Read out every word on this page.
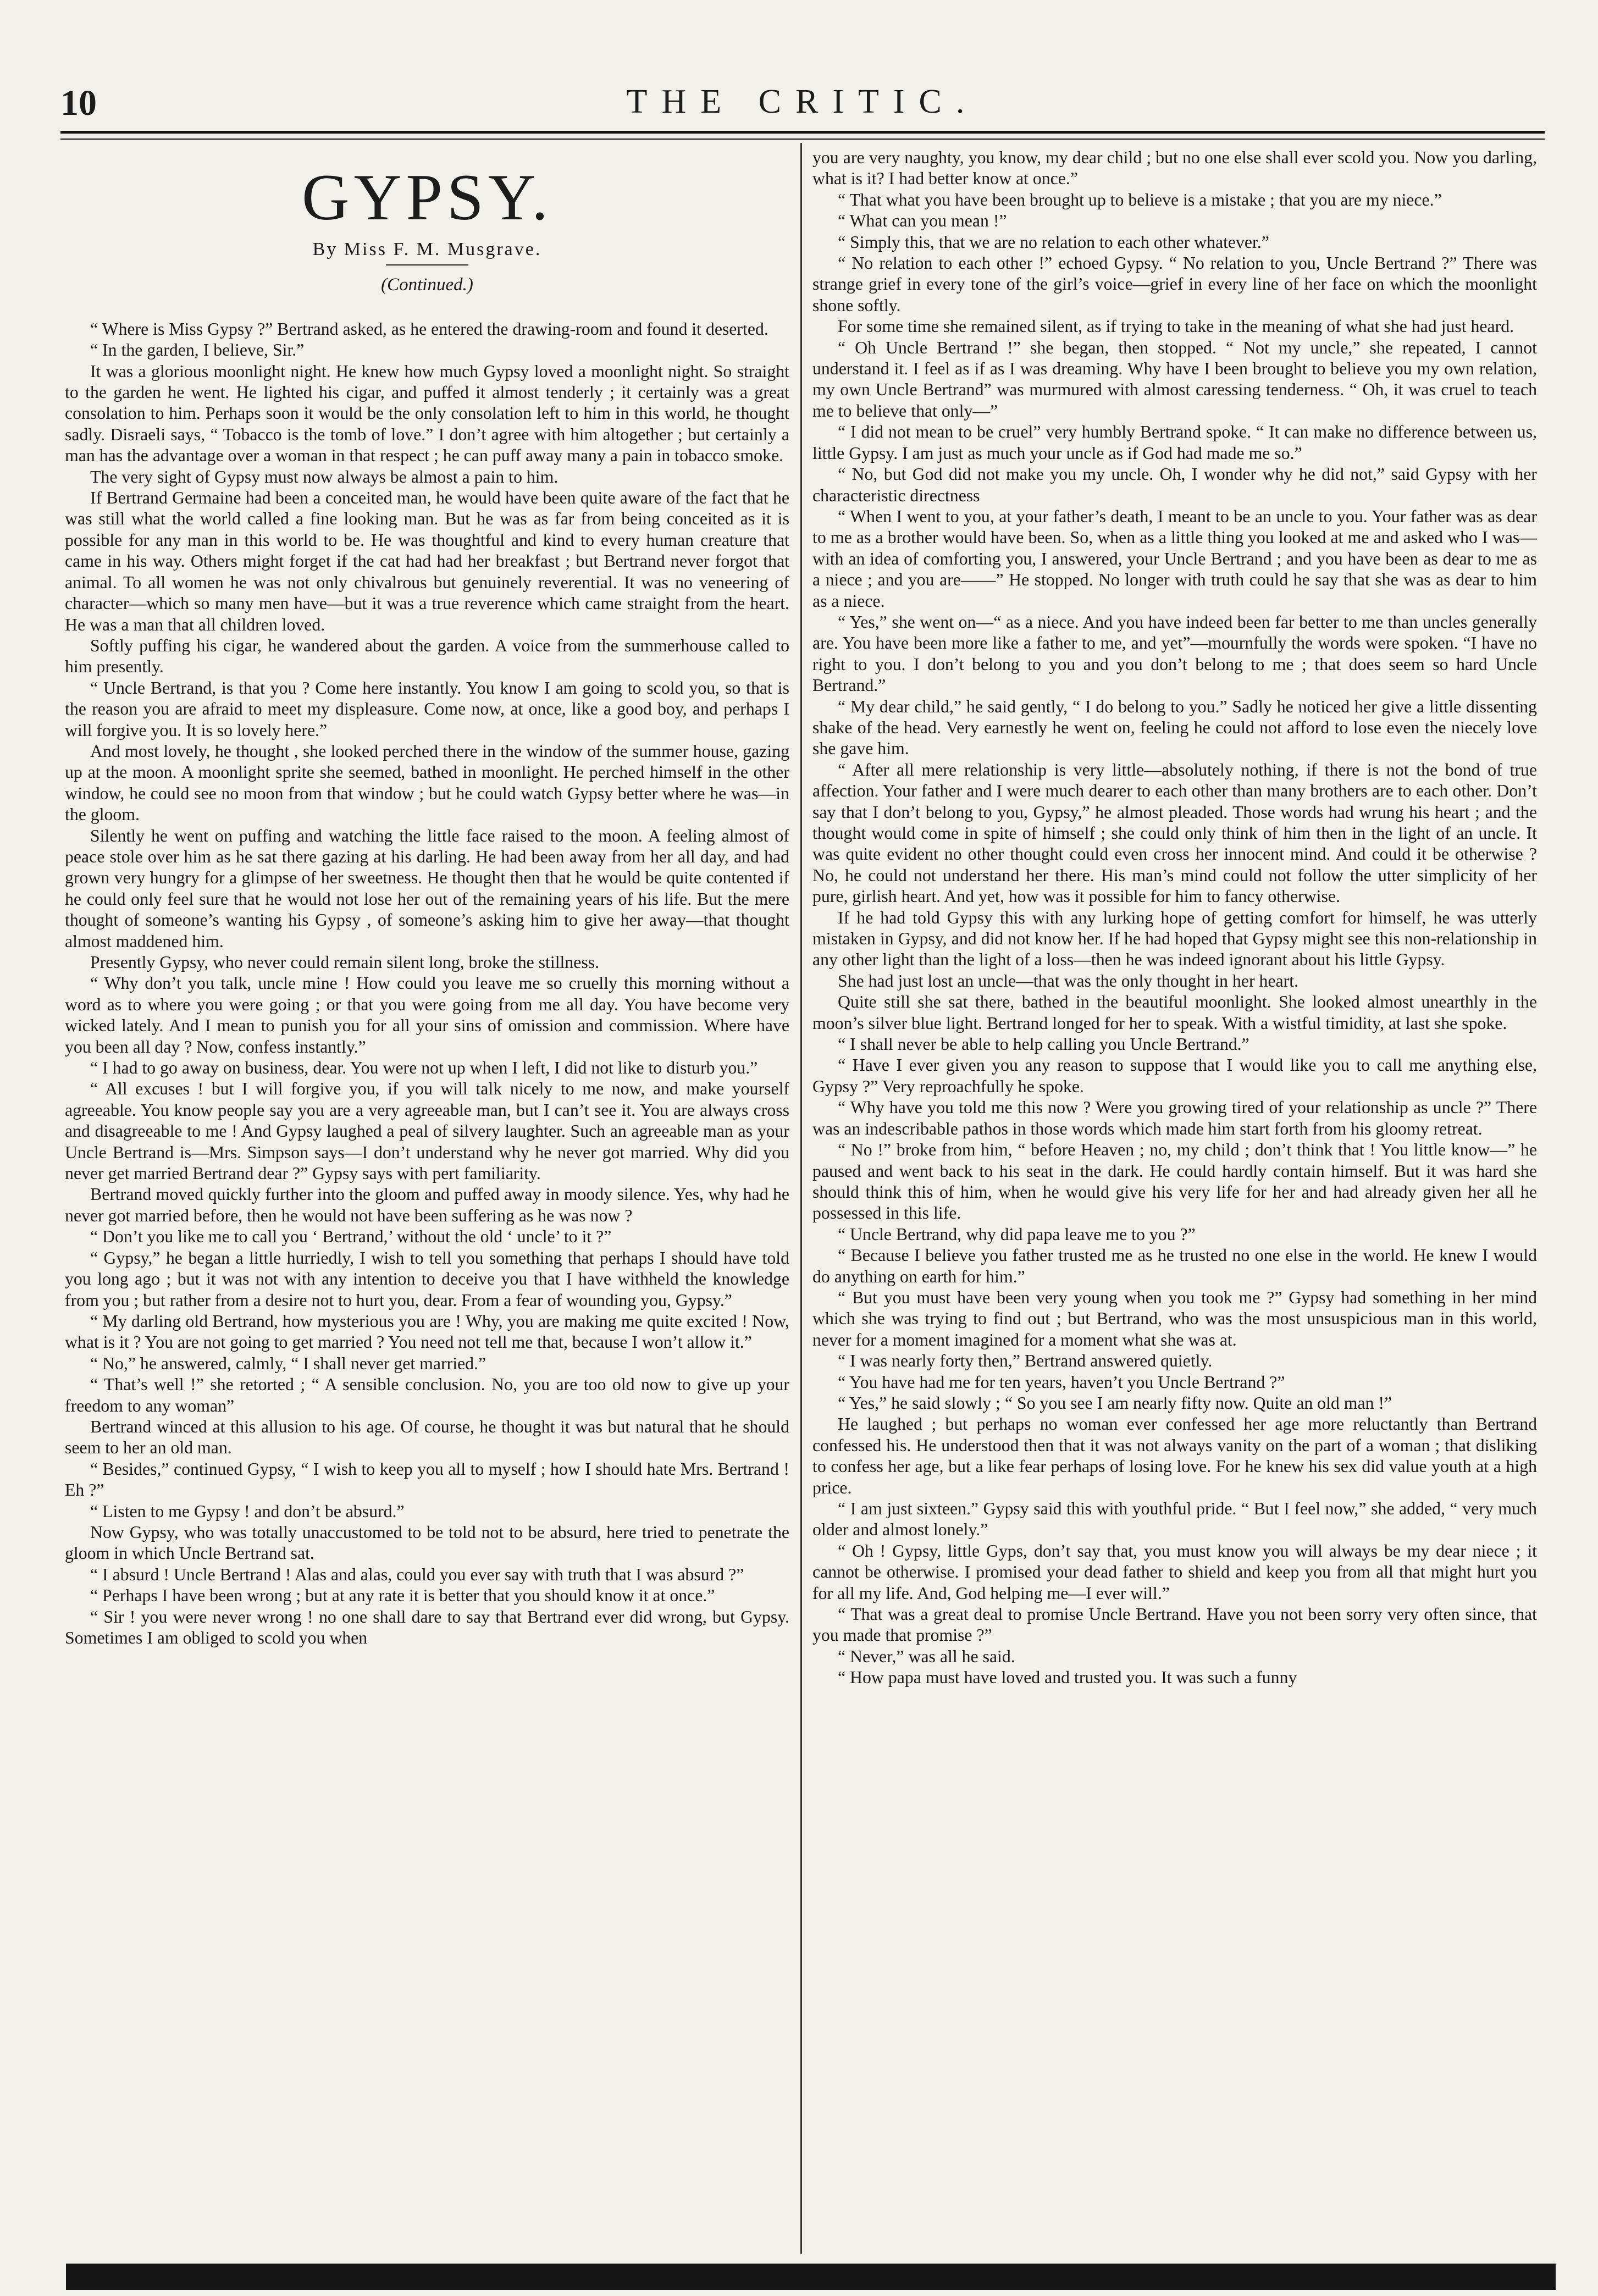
10	THE CRITIC.
GYPSY.
By Miss F. M. Musgrave.
(Continued.)

“ Where is Miss Gypsy ?” Bertrand asked, as he entered the drawing-room and found it deserted.

“ In the garden, I believe, Sir.”

It was a glorious moonlight night. He knew how much Gypsy loved a moonlight night. So straight to the garden he went. He lighted his cigar, and puffed it almost tenderly ; it certainly was a great consolation to him. Perhaps soon it would be the only consolation left to him in this world, he thought sadly. Disraeli says, “ Tobacco is the tomb of love.” I don’t agree with him altogether ; but certainly a man has the advantage over a woman in that respect ; he can puff away many a pain in tobacco smoke.

The very sight of Gypsy must now always be almost a pain to him.

If Bertrand Germaine had been a conceited man, he would have been quite aware of the fact that he was still what the world called a fine looking man. But he was as far from being conceited as it is possible for any man in this world to be. He was thoughtful and kind to every human creature that came in his way. Others might forget if the cat had had her breakfast ; but Bertrand never forgot that animal. To all women he was not only chivalrous but genuinely reverential. It was no veneering of character—which so many men have—but it was a true reverence which came straight from the heart. He was a man that all children loved.

Softly puffing his cigar, he wandered about the garden. A voice from the summerhouse called to him presently.

“ Uncle Bertrand, is that you ? Come here instantly. You know I am going to scold you, so that is the reason you are afraid to meet my displeasure. Come now, at once, like a good boy, and perhaps I will forgive you. It is so lovely here.”

And most lovely, he thought , she looked perched there in the window of the summer house, gazing up at the moon. A moonlight sprite she seemed, bathed in moonlight. He perched himself in the other window, he could see no moon from that window ; but he could watch Gypsy better where he was—in the gloom.

Silently he went on puffing and watching the little face raised to the moon. A feeling almost of peace stole over him as he sat there gazing at his darling. He had been away from her all day, and had grown very hungry for a glimpse of her sweetness. He thought then that he would be quite contented if he could only feel sure that he would not lose her out of the remaining years of his life. But the mere thought of someone’s wanting his Gypsy , of someone’s asking him to give her away—that thought almost maddened him.

Presently Gypsy, who never could remain silent long, broke the stillness.

“ Why don’t you talk, uncle mine ! How could you leave me so cruelly this morning without a word as to where you were going ; or that you were going from me all day. You have become very wicked lately. And I mean to punish you for all your sins of omission and commission. Where have you been all day ? Now, confess instantly.”

“ I had to go away on business, dear. You were not up when I left, I did not like to disturb you.”

“ All excuses ! but I will forgive you, if you will talk nicely to me now, and make yourself agreeable. You know people say you are a very agreeable man, but I can’t see it. You are always cross and disagreeable to me ! And Gypsy laughed a peal of silvery laughter. Such an agreeable man as your Uncle Bertrand is—Mrs. Simpson says—I don’t understand why he never got married. Why did you never get married Bertrand dear ?” Gypsy says with pert familiarity.

Bertrand moved quickly further into the gloom and puffed away in moody silence. Yes, why had he never got married before, then he would not have been suffering as he was now ?

“ Don’t you like me to call you ‘ Bertrand,’ without the old ‘ uncle’ to it ?”

“ Gypsy,” he began a little hurriedly, I wish to tell you something that perhaps I should have told you long ago ; but it was not with any intention to deceive you that I have withheld the knowledge from you ; but rather from a desire not to hurt you, dear. From a fear of wounding you, Gypsy.”

“ My darling old Bertrand, how mysterious you are ! Why, you are making me quite excited ! Now, what is it ? You are not going to get married ? You need not tell me that, because I won’t allow it.”

“ No,” he answered, calmly, “ I shall never get married.”

“ That’s well !” she retorted ; “ A sensible conclusion. No, you are too old now to give up your freedom to any woman”

Bertrand winced at this allusion to his age. Of course, he thought it was but natural that he should seem to her an old man.

“ Besides,” continued Gypsy, “ I wish to keep you all to myself ; how I should hate Mrs. Bertrand ! Eh ?”

“ Listen to me Gypsy ! and don’t be absurd.”

Now Gypsy, who was totally unaccustomed to be told not to be absurd, here tried to penetrate the gloom in which Uncle Bertrand sat.

“ I absurd ! Uncle Bertrand ! Alas and alas, could you ever say with truth that I was absurd ?”

“ Perhaps I have been wrong ; but at any rate it is better that you should know it at once.”

“ Sir ! you were never wrong ! no one shall dare to say that Bertrand ever did wrong, but Gypsy. Sometimes I am obliged to scold you when

you are very naughty, you know, my dear child ; but no one else shall ever scold you. Now you darling, what is it? I had better know at once.”

“ That what you have been brought up to believe is a mistake ; that you are my niece.”

“ What can you mean !”

“ Simply this, that we are no relation to each other whatever.”

“ No relation to each other !” echoed Gypsy. “ No relation to you, Uncle Bertrand ?” There was strange grief in every tone of the girl’s voice—grief in every line of her face on which the moonlight shone softly.

For some time she remained silent, as if trying to take in the meaning of what she had just heard.

“ Oh Uncle Bertrand !” she began, then stopped. “ Not my uncle,” she repeated, I cannot understand it. I feel as if as I was dreaming. Why have I been brought to believe you my own relation, my own Uncle Bertrand” was murmured with almost caressing tenderness. “ Oh, it was cruel to teach me to believe that only—”

“ I did not mean to be cruel” very humbly Bertrand spoke. “ It can make no difference between us, little Gypsy. I am just as much your uncle as if God had made me so.”

“ No, but God did not make you my uncle. Oh, I wonder why he did not,” said Gypsy with her characteristic directness

“ When I went to you, at your father’s death, I meant to be an uncle to you. Your father was as dear to me as a brother would have been. So, when as a little thing you looked at me and asked who I was—with an idea of comforting you, I answered, your Uncle Bertrand ; and you have been as dear to me as a niece ; and you are——” He stopped. No longer with truth could he say that she was as dear to him as a niece.

“ Yes,” she went on—“ as a niece. And you have indeed been far better to me than uncles generally are. You have been more like a father to me, and yet”—mournfully the words were spoken. “I have no right to you. I don’t belong to you and you don’t belong to me ; that does seem so hard Uncle Bertrand.”

“ My dear child,” he said gently, “ I do belong to you.” Sadly he noticed her give a little dissenting shake of the head. Very earnestly he went on, feeling he could not afford to lose even the niecely love she gave him.

“ After all mere relationship is very little—absolutely nothing, if there is not the bond of true affection. Your father and I were much dearer to each other than many brothers are to each other. Don’t say that I don’t belong to you, Gypsy,” he almost pleaded. Those words had wrung his heart ; and the thought would come in spite of himself ; she could only think of him then in the light of an uncle. It was quite evident no other thought could even cross her innocent mind. And could it be otherwise ? No, he could not understand her there. His man’s mind could not follow the utter simplicity of her pure, girlish heart. And yet, how was it possible for him to fancy otherwise.

If he had told Gypsy this with any lurking hope of getting comfort for himself, he was utterly mistaken in Gypsy, and did not know her. If he had hoped that Gypsy might see this non-relationship in any other light than the light of a loss—then he was indeed ignorant about his little Gypsy.

She had just lost an uncle—that was the only thought in her heart.

Quite still she sat there, bathed in the beautiful moonlight. She looked almost unearthly in the moon’s silver blue light. Bertrand longed for her to speak. With a wistful timidity, at last she spoke.

“ I shall never be able to help calling you Uncle Bertrand.”

“ Have I ever given you any reason to suppose that I would like you to call me anything else, Gypsy ?” Very reproachfully he spoke.

“ Why have you told me this now ? Were you growing tired of your relationship as uncle ?” There was an indescribable pathos in those words which made him start forth from his gloomy retreat.

“ No !” broke from him, “ before Heaven ; no, my child ; don’t think that ! You little know—” he paused and went back to his seat in the dark. He could hardly contain himself. But it was hard she should think this of him, when he would give his very life for her and had already given her all he possessed in this life.

“ Uncle Bertrand, why did papa leave me to you ?”

“ Because I believe you father trusted me as he trusted no one else in the world. He knew I would do anything on earth for him.”

“ But you must have been very young when you took me ?” Gypsy had something in her mind which she was trying to find out ; but Bertrand, who was the most unsuspicious man in this world, never for a moment imagined for a moment what she was at.

“ I was nearly forty then,” Bertrand answered quietly.

“ You have had me for ten years, haven’t you Uncle Bertrand ?”

“ Yes,” he said slowly ; “ So you see I am nearly fifty now. Quite an old man !”

He laughed ; but perhaps no woman ever confessed her age more reluctantly than Bertrand confessed his. He understood then that it was not always vanity on the part of a woman ; that disliking to confess her age, but a like fear perhaps of losing love. For he knew his sex did value youth at a high price.

“ I am just sixteen.” Gypsy said this with youthful pride. “ But I feel now,” she added, “ very much older and almost lonely.”

“ Oh ! Gypsy, little Gyps, don’t say that, you must know you will always be my dear niece ; it cannot be otherwise. I promised your dead father to shield and keep you from all that might hurt you for all my life. And, God helping me—I ever will.”

“ That was a great deal to promise Uncle Bertrand. Have you not been sorry very often since, that you made that promise ?”

“ Never,” was all he said.

“ How papa must have loved and trusted you. It was such a funny
